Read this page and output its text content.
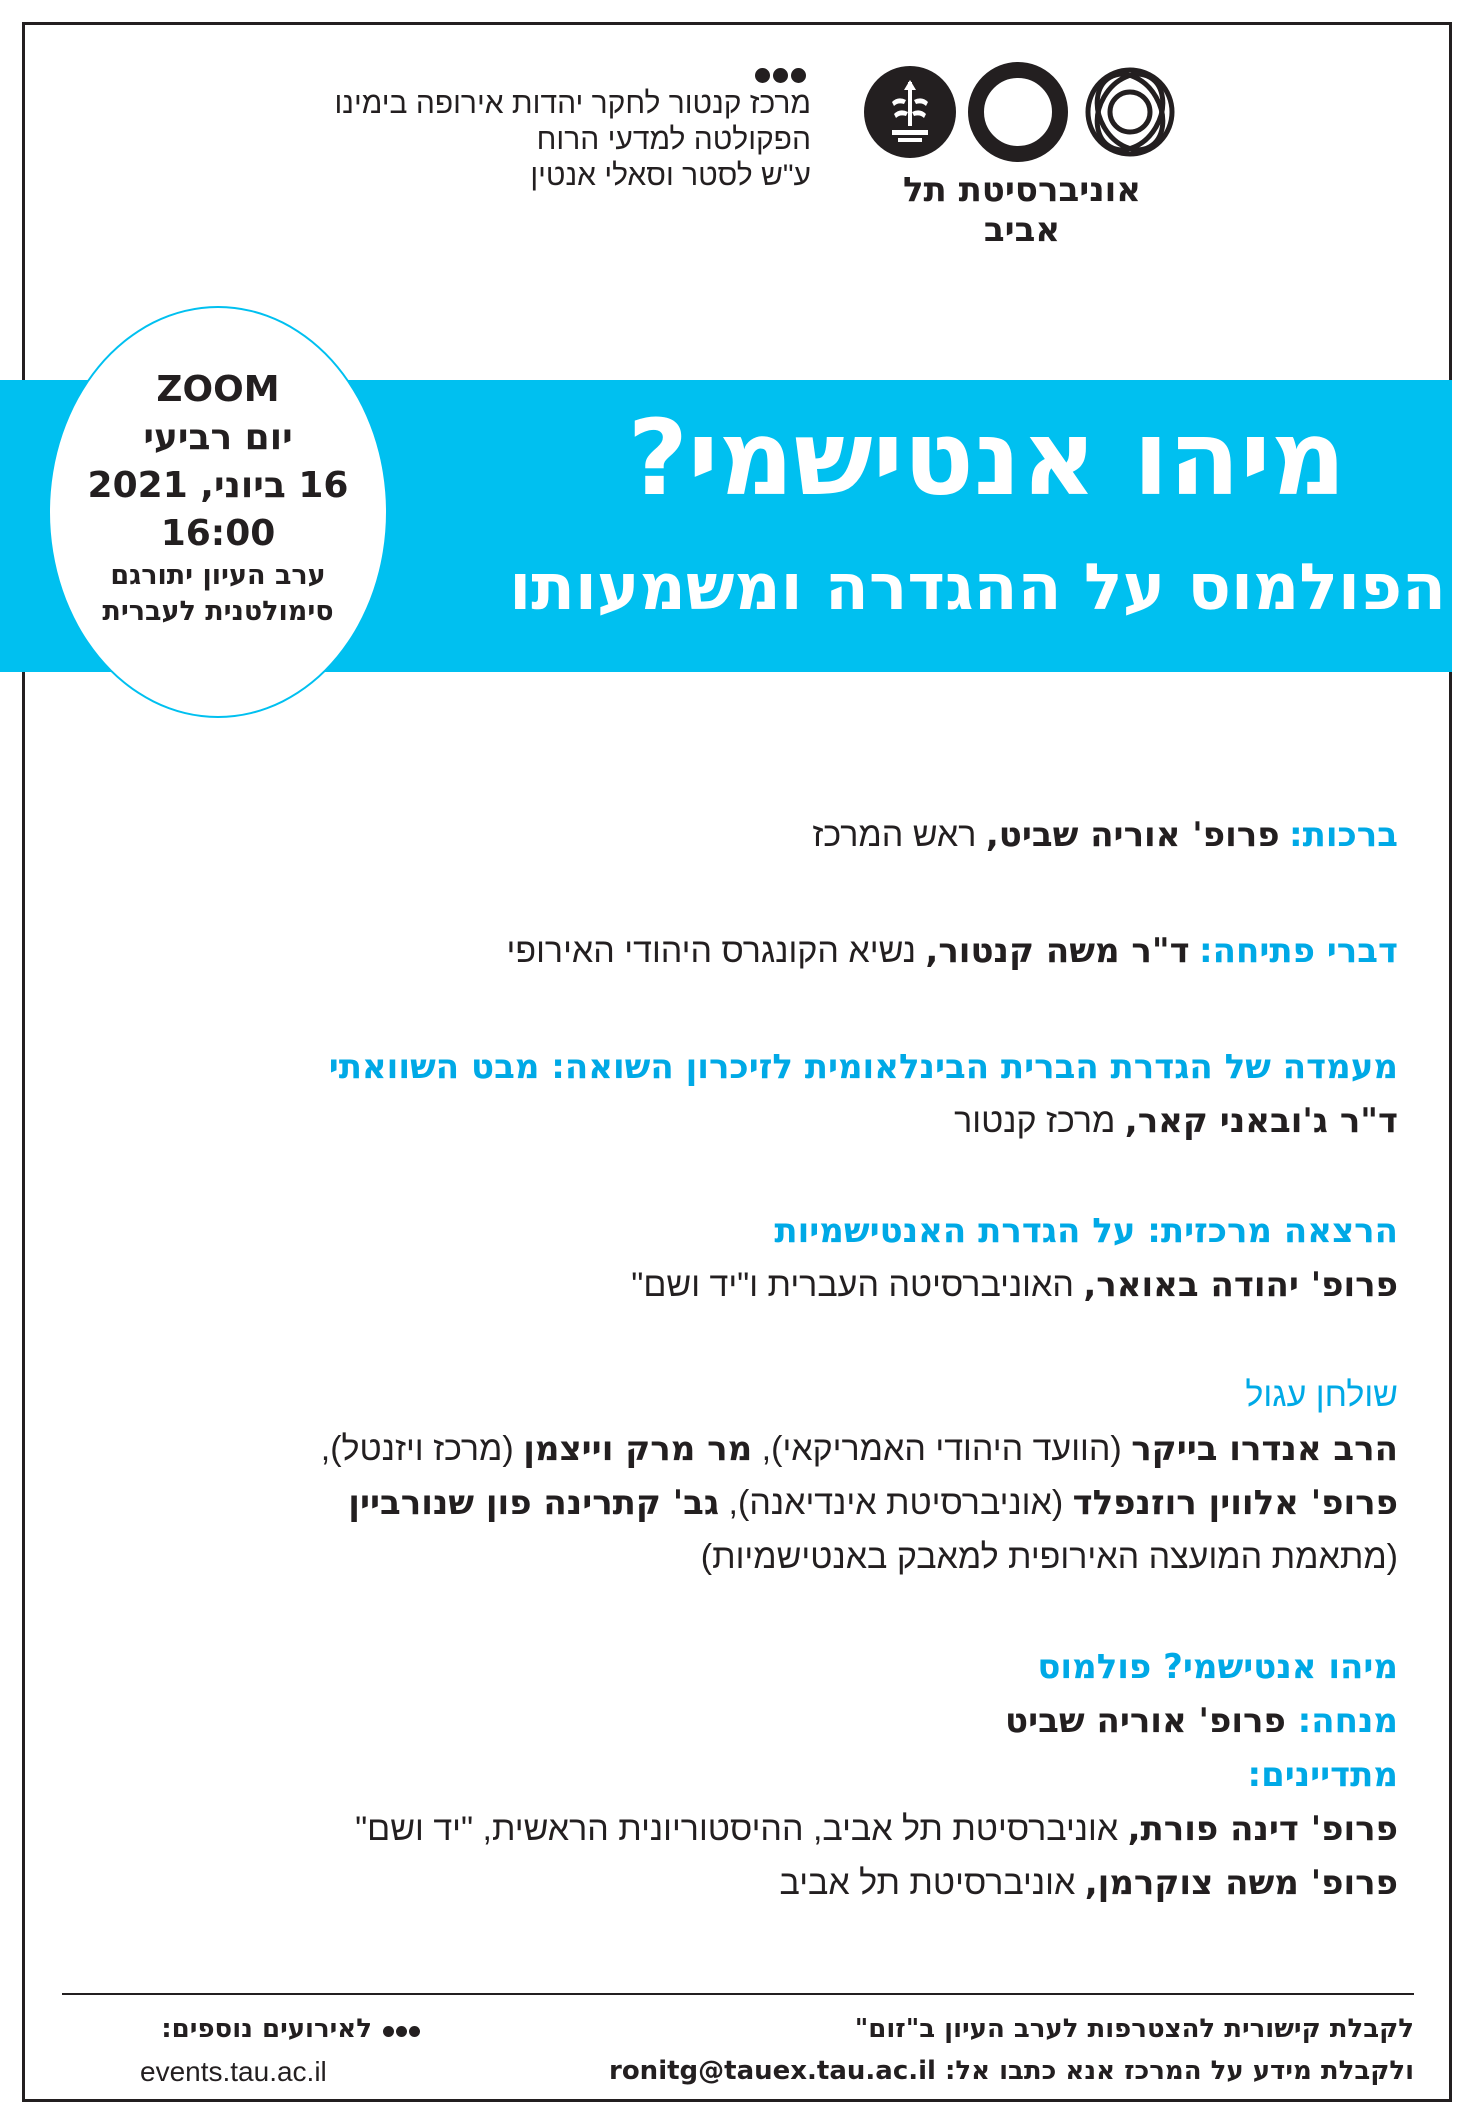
אוניברסיטת תל אביב
מרכז קנטור לחקר יהדות אירופה בימינו
הפקולטה למדעי הרוח
ע"ש לסטר וסאלי אנטין
מיהו אנטישמי?
הפולמוס על ההגדרה ומשמעותו
ZOOM
יום רביעי
16 ביוני, 2021
16:00
ערב העיון יתורגם
סימולטנית לעברית
ברכות: פרופ' אוריה שביט, ראש המרכז
דברי פתיחה: ד"ר משה קנטור, נשיא הקונגרס היהודי האירופי
מעמדה של הגדרת הברית הבינלאומית לזיכרון השואה: מבט השוואתי
ד"ר ג'ובאני קאר, מרכז קנטור
הרצאה מרכזית: על הגדרת האנטישמיות
פרופ' יהודה באואר, האוניברסיטה העברית ו"יד ושם"
שולחן עגול
הרב אנדרו בייקר (הוועד היהודי האמריקאי), מר מרק וייצמן (מרכז ויזנטל),
פרופ' אלווין רוזנפלד (אוניברסיטת אינדיאנה), גב' קתרינה פון שנורביין
(מתאמת המועצה האירופית למאבק באנטישמיות)
מיהו אנטישמי? פולמוס
מנחה: פרופ' אוריה שביט
מתדיינים:
פרופ' דינה פורת, אוניברסיטת תל אביב, ההיסטוריונית הראשית, "יד ושם"
פרופ' משה צוקרמן, אוניברסיטת תל אביב
לקבלת קישורית להצטרפות לערב העיון ב"זום"
ולקבלת מידע על המרכז אנא כתבו אל: ronitg@tauex.tau.ac.il
לאירועים נוספים:
events.tau.ac.il
